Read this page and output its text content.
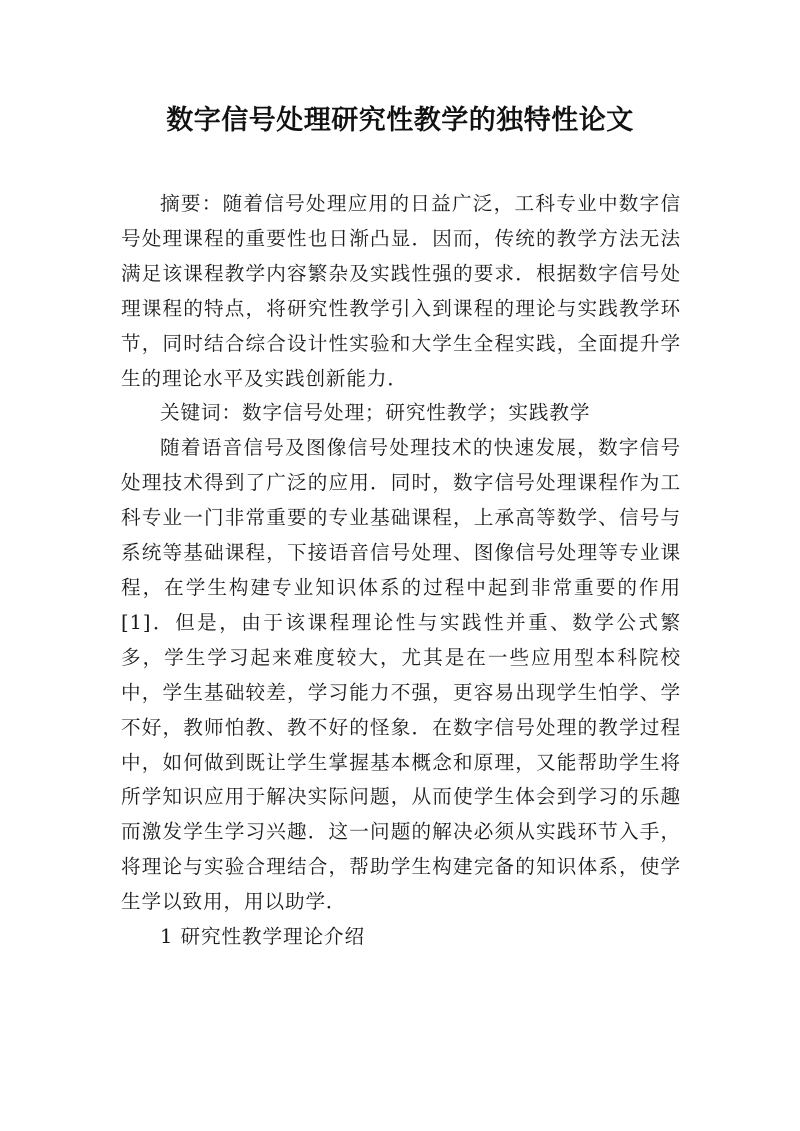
数字信号处理研究性教学的独特性论文

摘要：随着信号处理应用的日益广泛，工科专业中数字信号处理课程的重要性也日渐凸显．因而，传统的教学方法无法满足该课程教学内容繁杂及实践性强的要求．根据数字信号处理课程的特点，将研究性教学引入到课程的理论与实践教学环节，同时结合综合设计性实验和大学生全程实践，全面提升学生的理论水平及实践创新能力．

关键词：数字信号处理；研究性教学；实践教学

随着语音信号及图像信号处理技术的快速发展，数字信号处理技术得到了广泛的应用．同时，数字信号处理课程作为工科专业一门非常重要的专业基础课程，上承高等数学、信号与系统等基础课程，下接语音信号处理、图像信号处理等专业课程，在学生构建专业知识体系的过程中起到非常重要的作用[1]．但是，由于该课程理论性与实践性并重、数学公式繁多，学生学习起来难度较大，尤其是在一些应用型本科院校中，学生基础较差，学习能力不强，更容易出现学生怕学、学不好，教师怕教、教不好的怪象．在数字信号处理的教学过程中，如何做到既让学生掌握基本概念和原理，又能帮助学生将所学知识应用于解决实际问题，从而使学生体会到学习的乐趣而激发学生学习兴趣．这一问题的解决必须从实践环节入手，将理论与实验合理结合，帮助学生构建完备的知识体系，使学生学以致用，用以助学．

1 研究性教学理论介绍
